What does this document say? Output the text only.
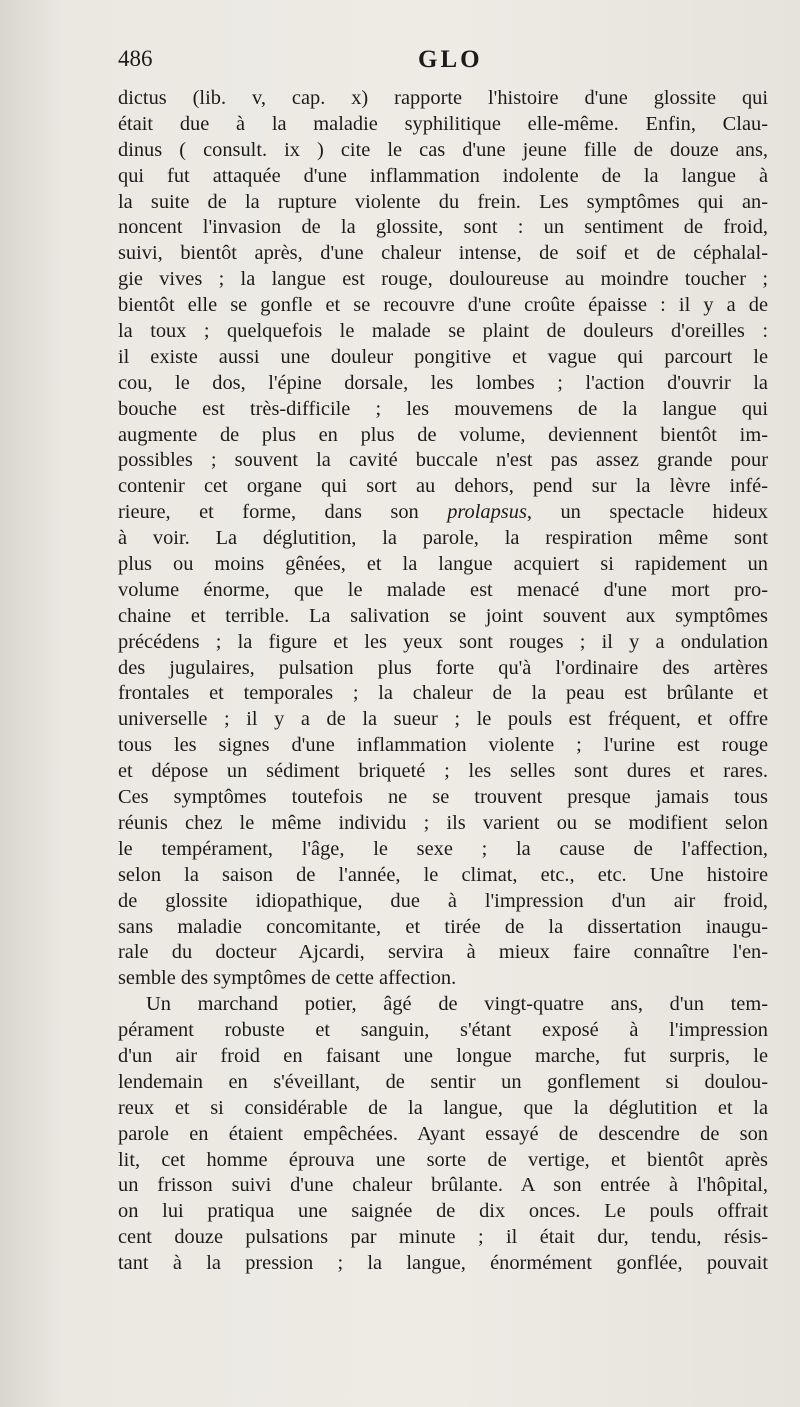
486	GLO
dictus (lib. v, cap. x) rapporte l'histoire d'une glossite qui
était due à la maladie syphilitique elle-même. Enfin, Clau-
dinus ( consult. ix ) cite le cas d'une jeune fille de douze ans,
qui fut attaquée d'une inflammation indolente de la langue à
la suite de la rupture violente du frein. Les symptômes qui an-
noncent l'invasion de la glossite, sont : un sentiment de froid,
suivi, bientôt après, d'une chaleur intense, de soif et de céphalal-
gie vives ; la langue est rouge, douloureuse au moindre toucher ;
bientôt elle se gonfle et se recouvre d'une croûte épaisse : il y a de
la toux ; quelquefois le malade se plaint de douleurs d'oreilles :
il existe aussi une douleur pongitive et vague qui parcourt le
cou, le dos, l'épine dorsale, les lombes ; l'action d'ouvrir la
bouche est très-difficile ; les mouvemens de la langue qui
augmente de plus en plus de volume, deviennent bientôt im-
possibles ; souvent la cavité buccale n'est pas assez grande pour
contenir cet organe qui sort au dehors, pend sur la lèvre infé-
rieure, et forme, dans son prolapsus, un spectacle hideux
à voir. La déglutition, la parole, la respiration même sont
plus ou moins gênées, et la langue acquiert si rapidement un
volume énorme, que le malade est menacé d'une mort pro-
chaine et terrible. La salivation se joint souvent aux symptômes
précédens ; la figure et les yeux sont rouges ; il y a ondulation
des jugulaires, pulsation plus forte qu'à l'ordinaire des artères
frontales et temporales ; la chaleur de la peau est brûlante et
universelle ; il y a de la sueur ; le pouls est fréquent, et offre
tous les signes d'une inflammation violente ; l'urine est rouge
et dépose un sédiment briqueté ; les selles sont dures et rares.
Ces symptômes toutefois ne se trouvent presque jamais tous
réunis chez le même individu ; ils varient ou se modifient selon
le tempérament, l'âge, le sexe ; la cause de l'affection,
selon la saison de l'année, le climat, etc., etc. Une histoire
de glossite idiopathique, due à l'impression d'un air froid,
sans maladie concomitante, et tirée de la dissertation inaugu-
rale du docteur Ajcardi, servira à mieux faire connaître l'en-
semble des symptômes de cette affection.
Un marchand potier, âgé de vingt-quatre ans, d'un tem-
pérament robuste et sanguin, s'étant exposé à l'impression
d'un air froid en faisant une longue marche, fut surpris, le
lendemain en s'éveillant, de sentir un gonflement si doulou-
reux et si considérable de la langue, que la déglutition et la
parole en étaient empêchées. Ayant essayé de descendre de son
lit, cet homme éprouva une sorte de vertige, et bientôt après
un frisson suivi d'une chaleur brûlante. A son entrée à l'hôpital,
on lui pratiqua une saignée de dix onces. Le pouls offrait
cent douze pulsations par minute ; il était dur, tendu, résis-
tant à la pression ; la langue, énormément gonflée, pouvait
